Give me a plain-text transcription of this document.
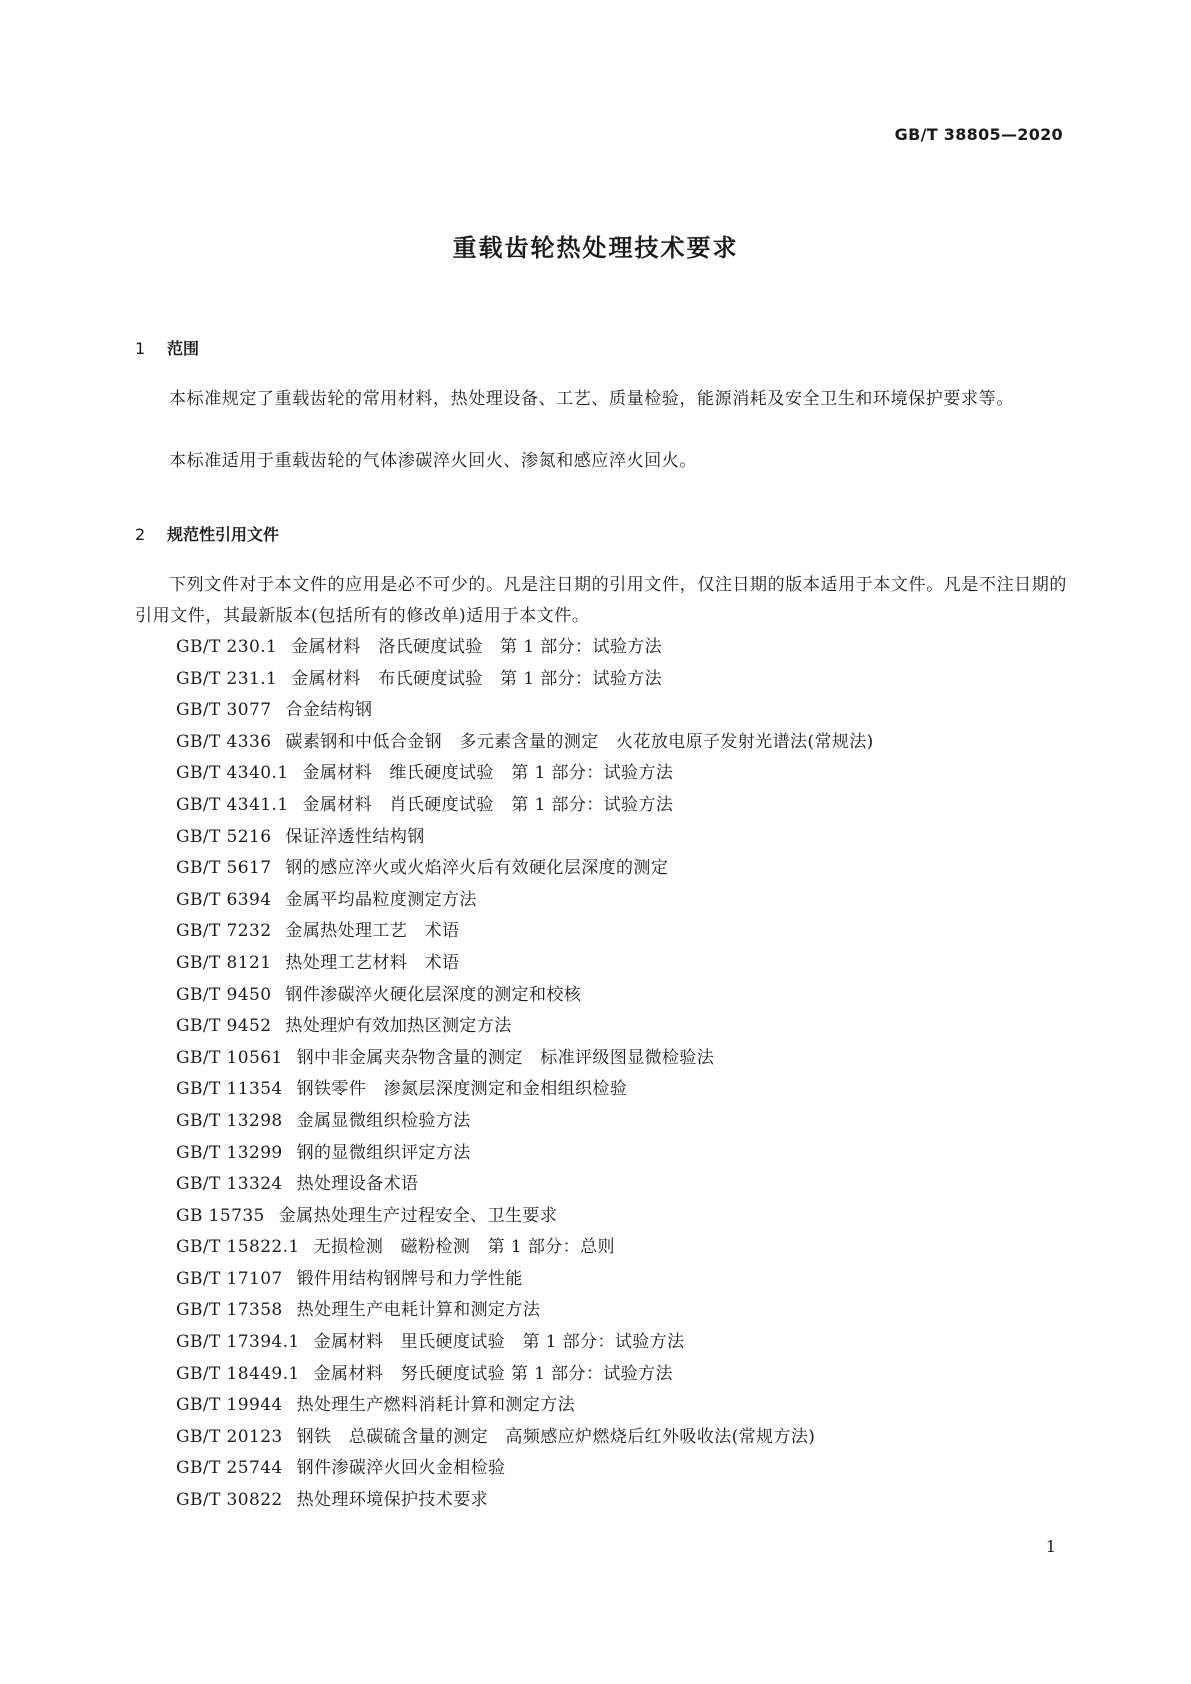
GB/T 38805—2020
重载齿轮热处理技术要求
1 范围
本标准规定了重载齿轮的常用材料，热处理设备、工艺、质量检验，能源消耗及安全卫生和环境保护要求等。
本标准适用于重载齿轮的气体渗碳淬火回火、渗氮和感应淬火回火。
2 规范性引用文件
下列文件对于本文件的应用是必不可少的。凡是注日期的引用文件，仅注日期的版本适用于本文件。凡是不注日期的引用文件，其最新版本(包括所有的修改单)适用于本文件。
GB/T 230.1 金属材料　洛氏硬度试验　第 1 部分：试验方法
GB/T 231.1 金属材料　布氏硬度试验　第 1 部分：试验方法
GB/T 3077 合金结构钢
GB/T 4336 碳素钢和中低合金钢　多元素含量的测定　火花放电原子发射光谱法(常规法)
GB/T 4340.1 金属材料　维氏硬度试验　第 1 部分：试验方法
GB/T 4341.1 金属材料　肖氏硬度试验　第 1 部分：试验方法
GB/T 5216 保证淬透性结构钢
GB/T 5617 钢的感应淬火或火焰淬火后有效硬化层深度的测定
GB/T 6394 金属平均晶粒度测定方法
GB/T 7232 金属热处理工艺　术语
GB/T 8121 热处理工艺材料　术语
GB/T 9450 钢件渗碳淬火硬化层深度的测定和校核
GB/T 9452 热处理炉有效加热区测定方法
GB/T 10561 钢中非金属夹杂物含量的测定　标准评级图显微检验法
GB/T 11354 钢铁零件　渗氮层深度测定和金相组织检验
GB/T 13298 金属显微组织检验方法
GB/T 13299 钢的显微组织评定方法
GB/T 13324 热处理设备术语
GB 15735 金属热处理生产过程安全、卫生要求
GB/T 15822.1 无损检测　磁粉检测　第 1 部分：总则
GB/T 17107 锻件用结构钢牌号和力学性能
GB/T 17358 热处理生产电耗计算和测定方法
GB/T 17394.1 金属材料　里氏硬度试验　第 1 部分：试验方法
GB/T 18449.1 金属材料　努氏硬度试验 第 1 部分：试验方法
GB/T 19944 热处理生产燃料消耗计算和测定方法
GB/T 20123 钢铁　总碳硫含量的测定　高频感应炉燃烧后红外吸收法(常规方法)
GB/T 25744 钢件渗碳淬火回火金相检验
GB/T 30822 热处理环境保护技术要求
1
